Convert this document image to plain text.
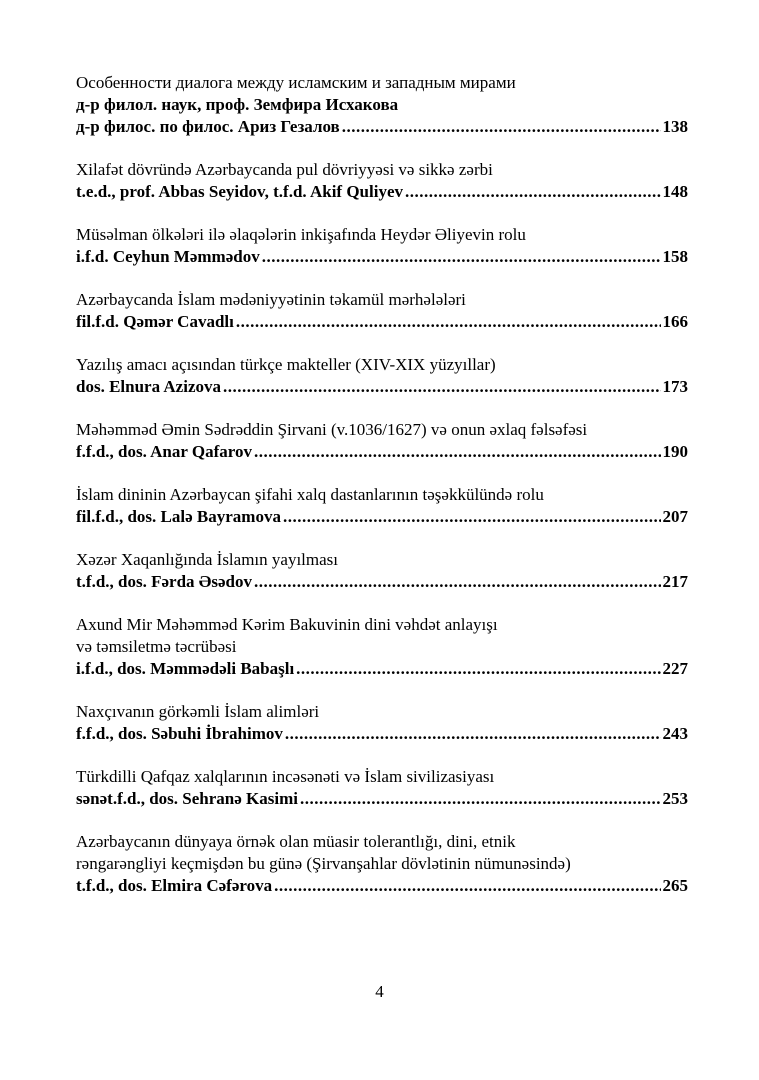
Особенности диалога между исламским и западным мирами
д-р филол. наук, проф. Земфира Исхакова
д-р филос. по филос. Ариз Гезалов .....	138
Xilafət dövründə Azərbaycanda pul dövriyyəsi və sikkə zərbi
t.e.d., prof. Abbas Seyidov, t.f.d. Akif Quliyev .....	148
Müsəlman ölkələri ilə əlaqələrin inkişafında Heydər Əliyevin rolu
i.f.d. Ceyhun Məmmədov .....	158
Azərbaycanda İslam mədəniyyətinin təkamül mərhələləri
fil.f.d. Qəmər Cavadlı .....	166
Yazılış amacı açısından türkçe makteller (XIV-XIX yüzyıllar)
dos. Elnura Azizova .....	173
Məhəmməd Əmin Sədrəddin Şirvani (v.1036/1627) və onun əxlaq fəlsəfəsi
f.f.d., dos. Anar Qafarov .....	190
İslam dininin Azərbaycan şifahi xalq dastanlarının təşəkkülündə rolu
fil.f.d., dos. Lalə Bayramova .....	207
Xəzər Xaqanlığında İslamın yayılması
t.f.d., dos. Fərda Əsədov .....	217
Axund Mir Məhəmməd Kərim Bakuvinin dini vəhdət anlayışı
və təmsiletmə təcrübəsi
i.f.d., dos. Məmmədəli Babaşlı .....	227
Naxçıvanın görkəmli İslam alimləri
f.f.d., dos. Səbuhi İbrahimov .....	243
Türkdilli Qafqaz xalqlarının incəsənəti və İslam sivilizasiyası
sənət.f.d., dos. Sehranə Kasimi .....	253
Azərbaycanın dünyaya örnək olan müasir tolerantlığı, dini, etnik
rəngarəngliyi keçmişdən bu günə (Şirvanşahlar dövlətinin nümunəsində)
t.f.d., dos. Elmira Cəfərova .....	265
4
